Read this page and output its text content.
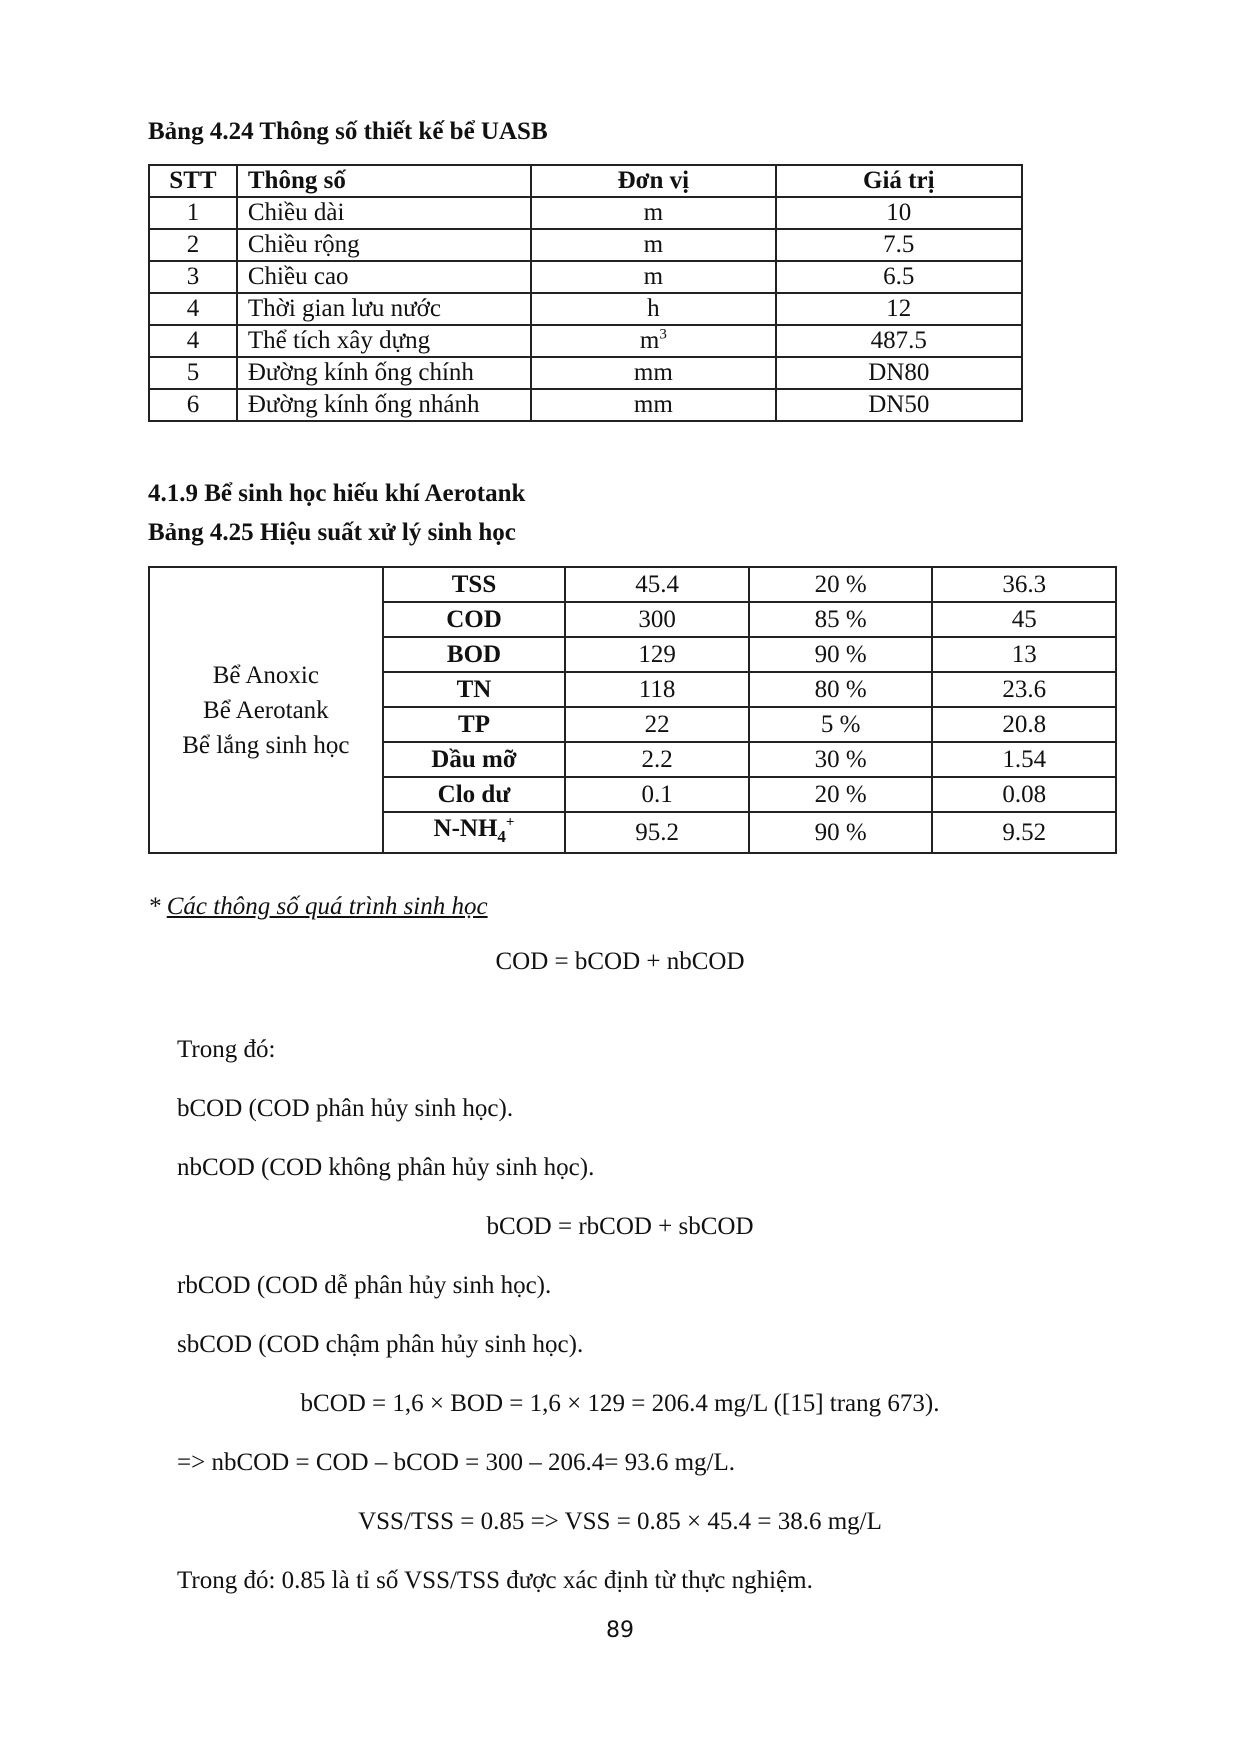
Bảng 4.24 Thông số thiết kế bể UASB
STT	Thông số	Đơn vị	Giá trị
1	Chiều dài	m	10
2	Chiều rộng	m	7.5
3	Chiều cao	m	6.5
4	Thời gian lưu nước	h	12
4	Thể tích xây dựng	$m^3$	487.5
5	Đường kính ống chính	mm	DN80
6	Đường kính ống nhánh	mm	DN50
4.1.9 Bể sinh học hiếu khí Aerotank
Bảng 4.25 Hiệu suất xử lý sinh học
Bể Anoxic
Bể Aerotank
Bể lắng sinh học	TSS	45.4	20 %	36.3
	COD	300	85 %	45
	BOD	129	90 %	13
	TN	118	80 %	23.6
	TP	22	5 %	20.8
	Dầu mỡ	2.2	30 %	1.54
	Clo dư	0.1	20 %	0.08
	$N-NH_4^+$	95.2	90 %	9.52
* Các thông số quá trình sinh học
COD = bCOD + nbCOD
Trong đó:
bCOD (COD phân hủy sinh học).
nbCOD (COD không phân hủy sinh học).
bCOD = rbCOD + sbCOD
rbCOD (COD dễ phân hủy sinh học).
sbCOD (COD chậm phân hủy sinh học).
bCOD = 1,6 × BOD = 1,6 × 129 = 206.4 mg/L ([15] trang 673).
=> nbCOD = COD – bCOD = 300 – 206.4= 93.6 mg/L.
VSS/TSS = 0.85 => VSS = 0.85 × 45.4 = 38.6 mg/L
Trong đó: 0.85 là tỉ số VSS/TSS được xác định từ thực nghiệm.
89
